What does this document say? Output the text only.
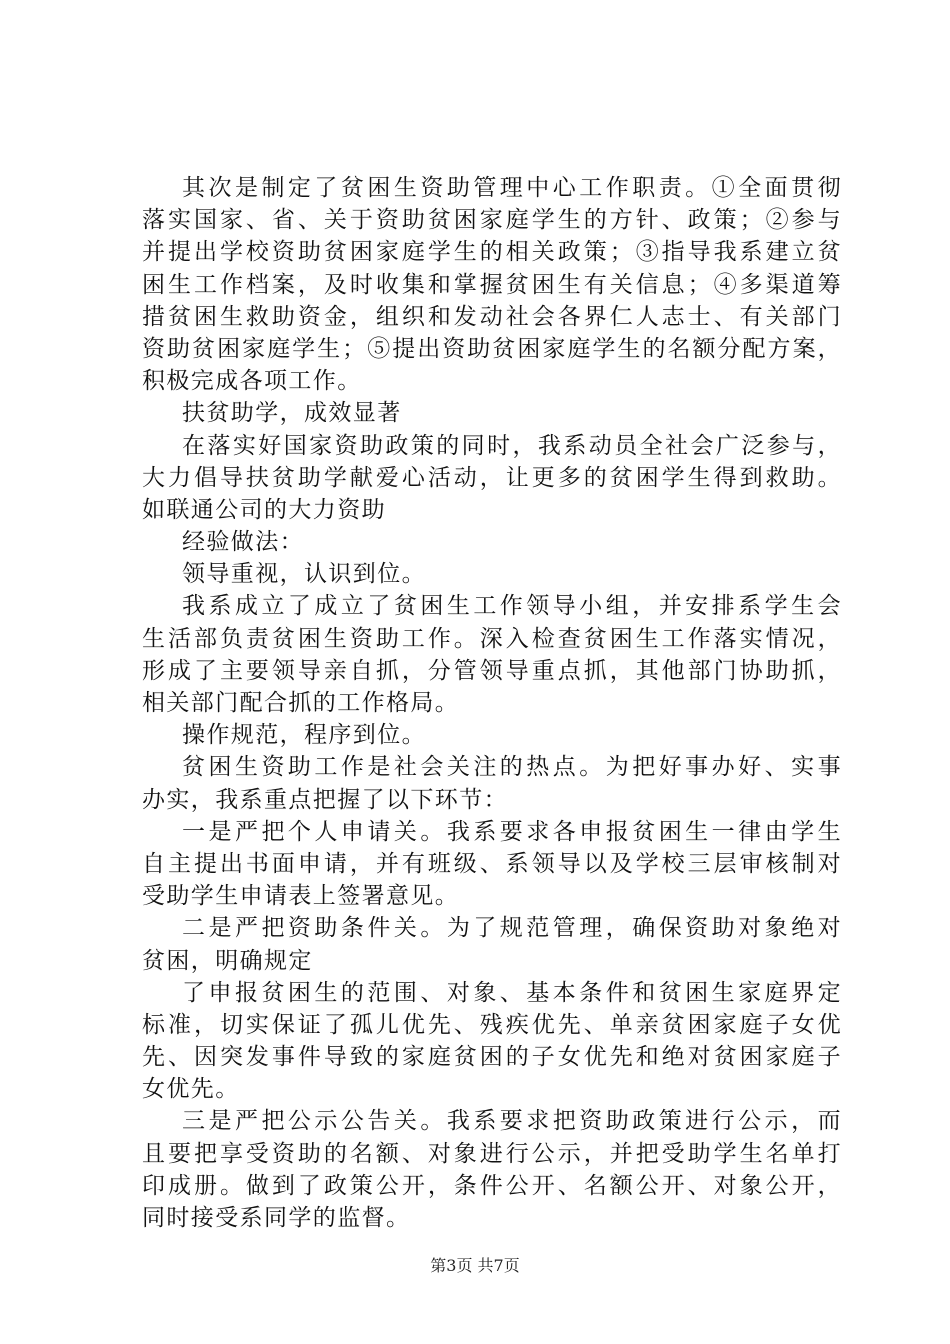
其次是制定了贫困生资助管理中心工作职责。①全面贯彻
落实国家、省、关于资助贫困家庭学生的方针、政策；②参与
并提出学校资助贫困家庭学生的相关政策；③指导我系建立贫
困生工作档案，及时收集和掌握贫困生有关信息；④多渠道筹
措贫困生救助资金，组织和发动社会各界仁人志士、有关部门
资助贫困家庭学生；⑤提出资助贫困家庭学生的名额分配方案，
积极完成各项工作。
扶贫助学，成效显著
在落实好国家资助政策的同时，我系动员全社会广泛参与，
大力倡导扶贫助学献爱心活动，让更多的贫困学生得到救助。
如联通公司的大力资助
经验做法：
领导重视，认识到位。
我系成立了成立了贫困生工作领导小组，并安排系学生会
生活部负责贫困生资助工作。深入检查贫困生工作落实情况，
形成了主要领导亲自抓，分管领导重点抓，其他部门协助抓，
相关部门配合抓的工作格局。
操作规范，程序到位。
贫困生资助工作是社会关注的热点。为把好事办好、实事
办实，我系重点把握了以下环节：
一是严把个人申请关。我系要求各申报贫困生一律由学生
自主提出书面申请，并有班级、系领导以及学校三层审核制对
受助学生申请表上签署意见。
二是严把资助条件关。为了规范管理，确保资助对象绝对
贫困，明确规定
了申报贫困生的范围、对象、基本条件和贫困生家庭界定
标准，切实保证了孤儿优先、残疾优先、单亲贫困家庭子女优
先、因突发事件导致的家庭贫困的子女优先和绝对贫困家庭子
女优先。
三是严把公示公告关。我系要求把资助政策进行公示，而
且要把享受资助的名额、对象进行公示，并把受助学生名单打
印成册。做到了政策公开，条件公开、名额公开、对象公开，
同时接受系同学的监督。
第3页 共7页
